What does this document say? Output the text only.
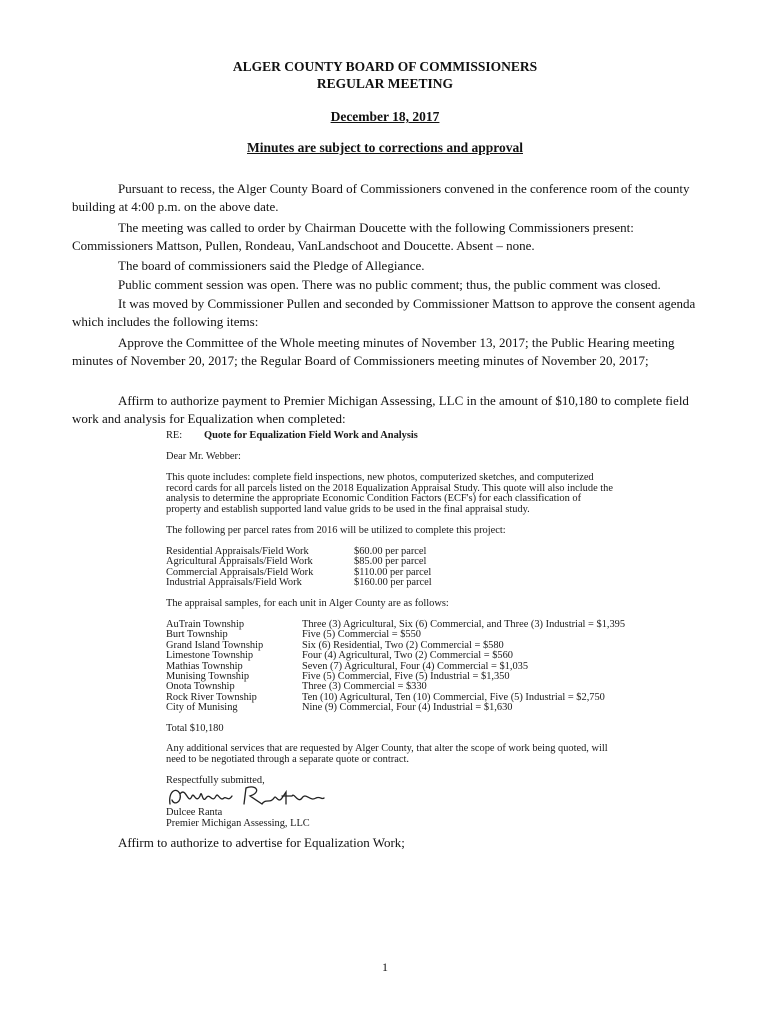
ALGER COUNTY BOARD OF COMMISSIONERS
REGULAR MEETING
December 18, 2017
Minutes are subject to corrections and approval

Pursuant to recess, the Alger County Board of Commissioners convened in the conference room of the county building at 4:00 p.m. on the above date.

The meeting was called to order by Chairman Doucette with the following Commissioners present: Commissioners Mattson, Pullen, Rondeau, VanLandschoot and Doucette. Absent – none.

The board of commissioners said the Pledge of Allegiance.

Public comment session was open. There was no public comment; thus, the public comment was closed.

It was moved by Commissioner Pullen and seconded by Commissioner Mattson to approve the consent agenda which includes the following items:

Approve the Committee of the Whole meeting minutes of November 13, 2017; the Public Hearing meeting minutes of November 20, 2017; the Regular Board of Commissioners meeting minutes of November 20, 2017;

Affirm to authorize payment to Premier Michigan Assessing, LLC in the amount of $10,180 to complete field work and analysis for Equalization when completed:

RE: Quote for Equalization Field Work and Analysis
Dear Mr. Webber:
This quote includes: complete field inspections, new photos, computerized sketches, and computerized
record cards for all parcels listed on the 2018 Equalization Appraisal Study. This quote will also include the
analysis to determine the appropriate Economic Condition Factors (ECF's) for each classification of
property and establish supported land value grids to be used in the final appraisal study.
The following per parcel rates from 2016 will be utilized to complete this project:
Residential Appraisals/Field Work	$60.00 per parcel
Agricultural Appraisals/Field Work	$85.00 per parcel
Commercial Appraisals/Field Work	$110.00 per parcel
Industrial Appraisals/Field Work	$160.00 per parcel
The appraisal samples, for each unit in Alger County are as follows:
AuTrain Township	Three (3) Agricultural, Six (6) Commercial, and Three (3) Industrial = $1,395
Burt Township	Five (5) Commercial = $550
Grand Island Township	Six (6) Residential, Two (2) Commercial = $580
Limestone Township	Four (4) Agricultural, Two (2) Commercial = $560
Mathias Township	Seven (7) Agricultural, Four (4) Commercial = $1,035
Munising Township	Five (5) Commercial, Five (5) Industrial = $1,350
Onota Township	Three (3) Commercial = $330
Rock River Township	Ten (10) Agricultural, Ten (10) Commercial, Five (5) Industrial = $2,750
City of Munising	Nine (9) Commercial, Four (4) Industrial = $1,630
Total $10,180
Any additional services that are requested by Alger County, that alter the scope of work being quoted, will
need to be negotiated through a separate quote or contract.
Respectfully submitted,
Dulcee Ranta
Premier Michigan Assessing, LLC

Affirm to authorize to advertise for Equalization Work;

1
